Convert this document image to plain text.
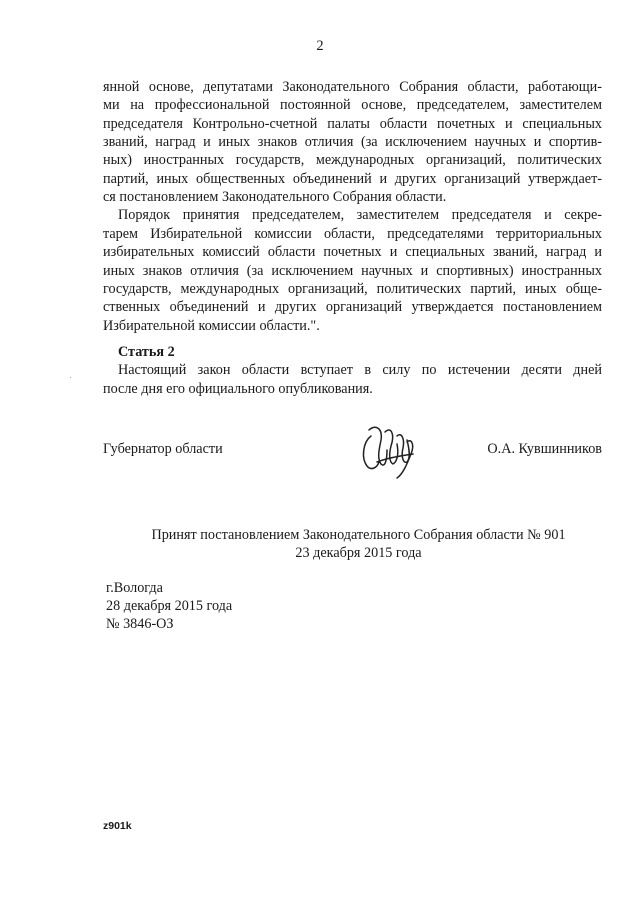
2
янной основе, депутатами Законодательного Собрания области, работающи-
ми на профессиональной постоянной основе, председателем, заместителем
председателя Контрольно-счетной палаты области почетных и специальных
званий, наград и иных знаков отличия (за исключением научных и спортив-
ных) иностранных государств, международных организаций, политических
партий, иных общественных объединений и других организаций утверждает-
ся постановлением Законодательного Собрания области.
Порядок принятия председателем, заместителем председателя и секре-
тарем Избирательной комиссии области, председателями территориальных
избирательных комиссий области почетных и специальных званий, наград и
иных знаков отличия (за исключением научных и спортивных) иностранных
государств, международных организаций, политических партий, иных обще-
ственных объединений и других организаций утверждается постановлением
Избирательной комиссии области.".
Статья 2
Настоящий закон области вступает в силу по истечении десяти дней
после дня его официального опубликования.
Губернатор области	О.А. Кувшинников
Принят постановлением Законодательного Собрания области № 901
23 декабря 2015 года
г.Вологда
28 декабря 2015 года
№ 3846-ОЗ
z901k
